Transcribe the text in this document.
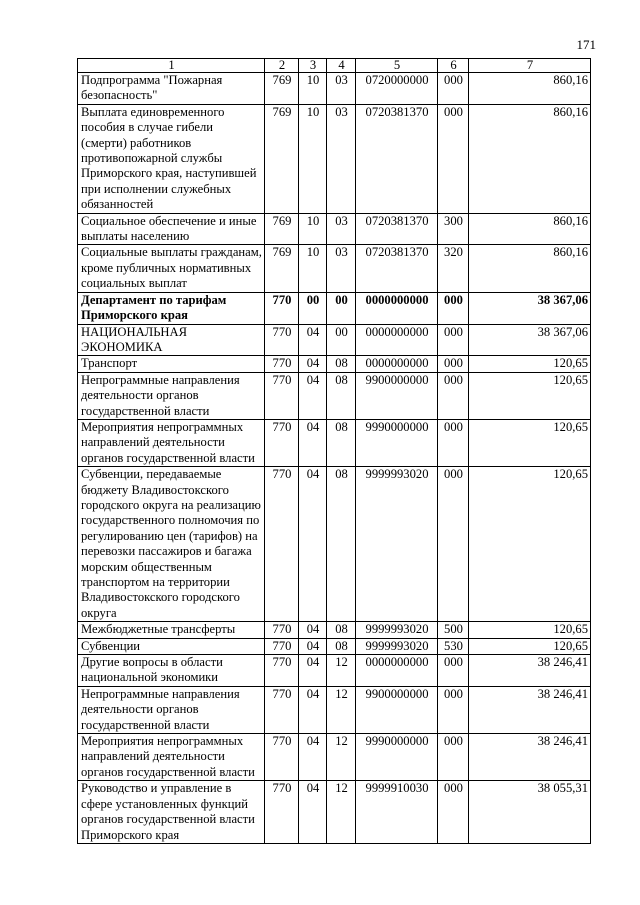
171
1	2	3	4	5	6	7
Подпрограмма "Пожарная безопасность"	769	10	03	0720000000	000	860,16
Выплата единовременного пособия в случае гибели (смерти) работников противопожарной службы Приморского края, наступившей при исполнении служебных обязанностей	769	10	03	0720381370	000	860,16
Социальное обеспечение и иные выплаты населению	769	10	03	0720381370	300	860,16
Социальные выплаты гражданам, кроме публичных нормативных социальных выплат	769	10	03	0720381370	320	860,16
Департамент по тарифам Приморского края	770	00	00	0000000000	000	38 367,06
НАЦИОНАЛЬНАЯ ЭКОНОМИКА	770	04	00	0000000000	000	38 367,06
Транспорт	770	04	08	0000000000	000	120,65
Непрограммные направления деятельности органов государственной власти	770	04	08	9900000000	000	120,65
Мероприятия непрограммных направлений деятельности органов государственной власти	770	04	08	9990000000	000	120,65
Субвенции, передаваемые бюджету Владивостокского городского округа на реализацию государственного полномочия по регулированию цен (тарифов) на перевозки пассажиров и багажа морским общественным транспортом на территории Владивостокского городского округа	770	04	08	9999993020	000	120,65
Межбюджетные трансферты	770	04	08	9999993020	500	120,65
Субвенции	770	04	08	9999993020	530	120,65
Другие вопросы в области национальной экономики	770	04	12	0000000000	000	38 246,41
Непрограммные направления деятельности органов государственной власти	770	04	12	9900000000	000	38 246,41
Мероприятия непрограммных направлений деятельности органов государственной власти	770	04	12	9990000000	000	38 246,41
Руководство и управление в сфере установленных функций органов государственной власти Приморского края	770	04	12	9999910030	000	38 055,31
